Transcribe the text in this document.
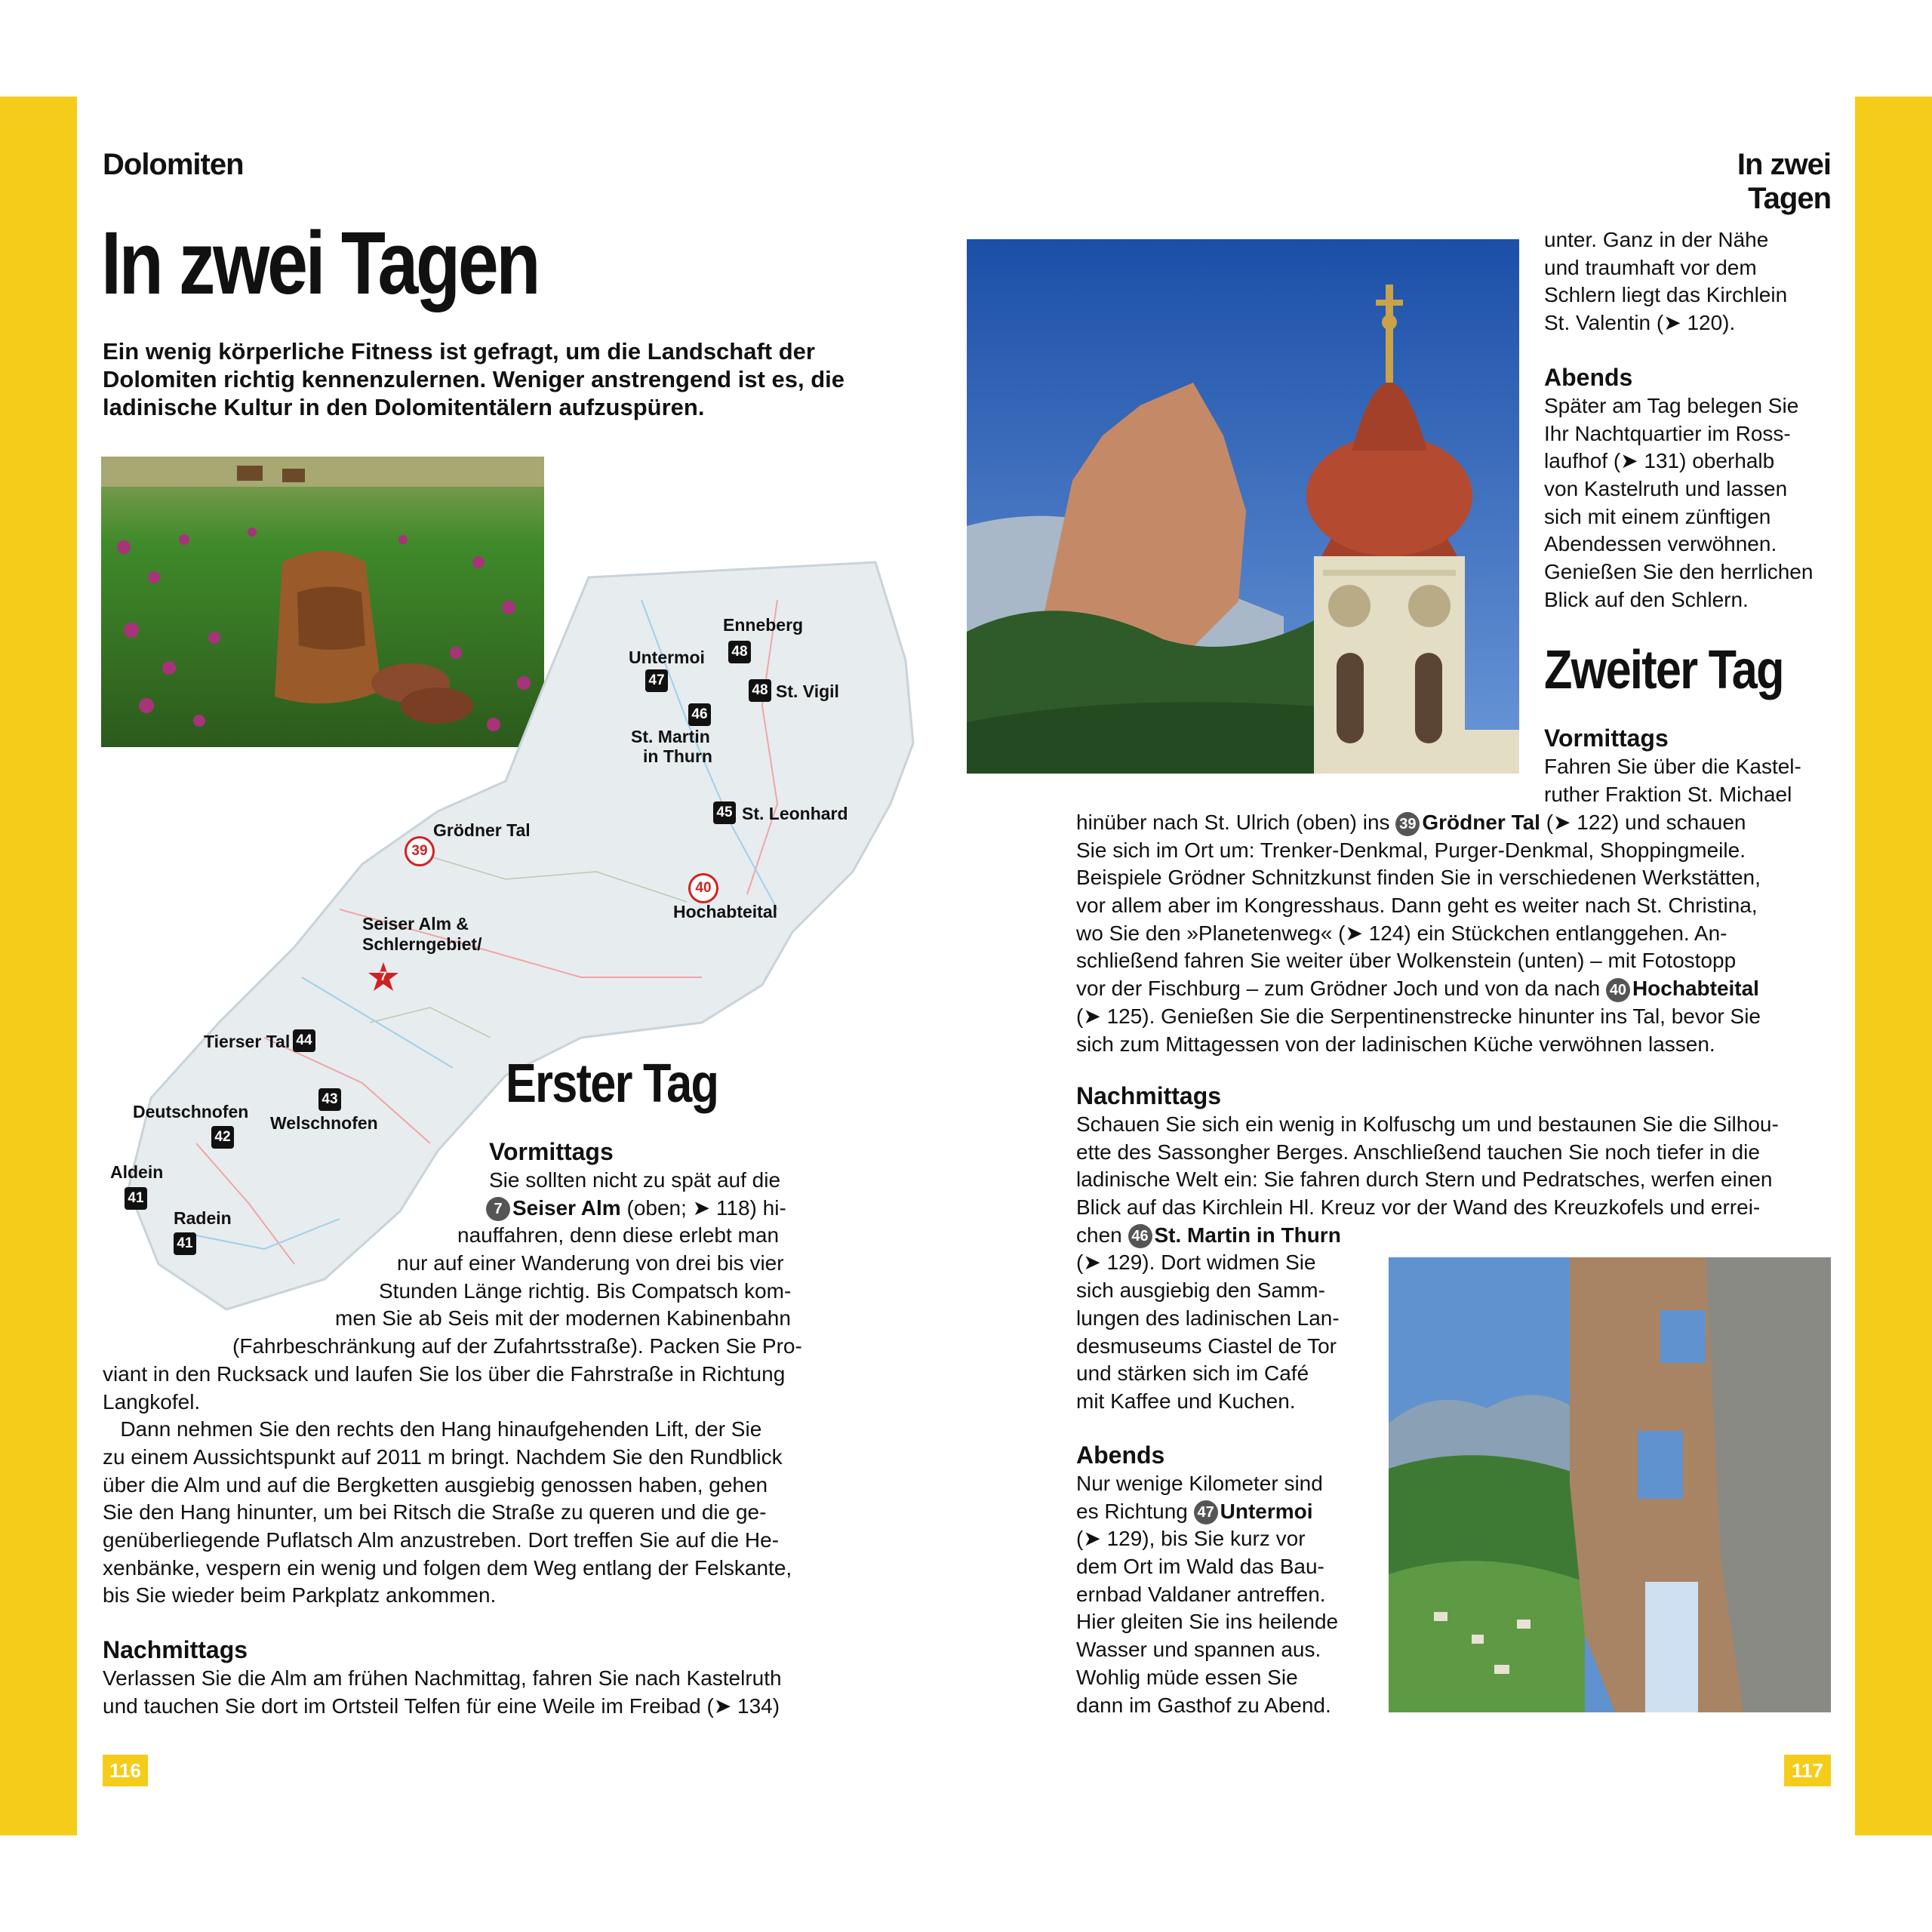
Dolomiten
In zwei Tagen
Ein wenig körperliche Fitness ist gefragt, um die Landschaft der
Dolomiten richtig kennenzulernen. Weniger anstrengend ist es, die
ladinische Kultur in den Dolomitentälern aufzuspüren.
Enneberg
48
Untermoi
47
48 St. Vigil
46
St. Martin
in Thurn
45 St. Leonhard
Grödner Tal
39
40
Hochabteital
Seiser Alm &
Schlerngebiet/
7
Tierser Tal 44
43
Deutschnofen
Welschnofen
42
Aldein
41
Radein
41
Erster Tag
Vormittags
Sie sollten nicht zu spät auf die
7 Seiser Alm (oben; ➤ 118) hi-
nauffahren, denn diese erlebt man
nur auf einer Wanderung von drei bis vier
Stunden Länge richtig. Bis Compatsch kom-
men Sie ab Seis mit der modernen Kabinenbahn
(Fahrbeschränkung auf der Zufahrtsstraße). Packen Sie Pro-
viant in den Rucksack und laufen Sie los über die Fahrstraße in Richtung
Langkofel.
Dann nehmen Sie den rechts den Hang hinaufgehenden Lift, der Sie
zu einem Aussichtspunkt auf 2011 m bringt. Nachdem Sie den Rundblick
über die Alm und auf die Bergketten ausgiebig genossen haben, gehen
Sie den Hang hinunter, um bei Ritsch die Straße zu queren und die ge-
genüberliegende Puflatsch Alm anzustreben. Dort treffen Sie auf die He-
xenbänke, vespern ein wenig und folgen dem Weg entlang der Felskante,
bis Sie wieder beim Parkplatz ankommen.
Nachmittags
Verlassen Sie die Alm am frühen Nachmittag, fahren Sie nach Kastelruth
und tauchen Sie dort im Ortsteil Telfen für eine Weile im Freibad (➤ 134)
116
In zwei Tagen
unter. Ganz in der Nähe
und traumhaft vor dem
Schlern liegt das Kirchlein
St. Valentin (➤ 120).
Abends
Später am Tag belegen Sie
Ihr Nachtquartier im Ross-
laufhof (➤ 131) oberhalb
von Kastelruth und lassen
sich mit einem zünftigen
Abendessen verwöhnen.
Genießen Sie den herrlichen
Blick auf den Schlern.
Zweiter Tag
Vormittags
Fahren Sie über die Kastel-
ruther Fraktion St. Michael
hinüber nach St. Ulrich (oben) ins 39 Grödner Tal (➤ 122) und schauen
Sie sich im Ort um: Trenker-Denkmal, Purger-Denkmal, Shoppingmeile.
Beispiele Grödner Schnitzkunst finden Sie in verschiedenen Werkstätten,
vor allem aber im Kongresshaus. Dann geht es weiter nach St. Christina,
wo Sie den »Planetenweg« (➤ 124) ein Stückchen entlanggehen. An-
schließend fahren Sie weiter über Wolkenstein (unten) – mit Fotostopp
vor der Fischburg – zum Grödner Joch und von da nach 40 Hochabteital
(➤ 125). Genießen Sie die Serpentinenstrecke hinunter ins Tal, bevor Sie
sich zum Mittagessen von der ladinischen Küche verwöhnen lassen.
Nachmittags
Schauen Sie sich ein wenig in Kolfuschg um und bestaunen Sie die Silhou-
ette des Sassongher Berges. Anschließend tauchen Sie noch tiefer in die
ladinische Welt ein: Sie fahren durch Stern und Pedratsches, werfen einen
Blick auf das Kirchlein Hl. Kreuz vor der Wand des Kreuzkofels und errei-
chen 46 St. Martin in Thurn
(➤ 129). Dort widmen Sie
sich ausgiebig den Samm-
lungen des ladinischen Lan-
desmuseums Ciastel de Tor
und stärken sich im Café
mit Kaffee und Kuchen.
Abends
Nur wenige Kilometer sind
es Richtung 47 Untermoi
(➤ 129), bis Sie kurz vor
dem Ort im Wald das Bau-
ernbad Valdaner antreffen.
Hier gleiten Sie ins heilende
Wasser und spannen aus.
Wohlig müde essen Sie
dann im Gasthof zu Abend.
117
